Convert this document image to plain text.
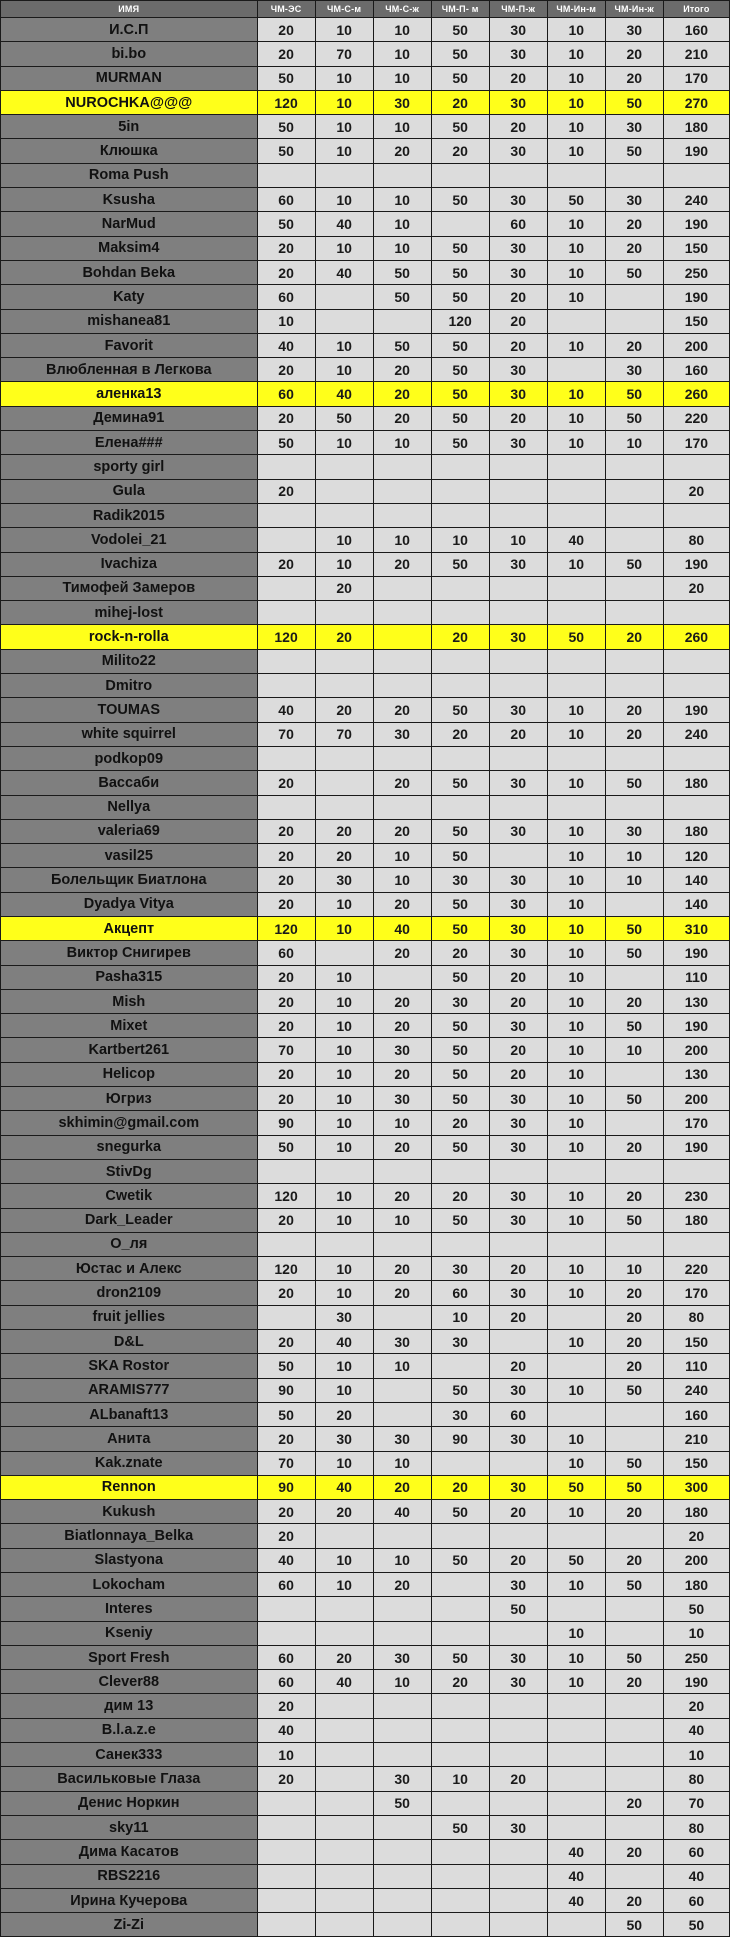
ИМЯ	ЧМ-ЭС	ЧМ-С-м	ЧМ-С-ж	ЧМ-П- м	ЧМ-П-ж	ЧМ-Ин-м	ЧМ-Ин-ж	Итого
И.С.П	20	10	10	50	30	10	30	160
bi.bo	20	70	10	50	30	10	20	210
MURMAN	50	10	10	50	20	10	20	170
NUROCHKA@@@	120	10	30	20	30	10	50	270
5in	50	10	10	50	20	10	30	180
Клюшка	50	10	20	20	30	10	50	190
Roma Push								
Ksusha	60	10	10	50	30	50	30	240
NarMud	50	40	10		60	10	20	190
Maksim4	20	10	10	50	30	10	20	150
Bohdan Beka	20	40	50	50	30	10	50	250
Katy	60		50	50	20	10		190
mishanea81	10			120	20			150
Favorit	40	10	50	50	20	10	20	200
Влюбленная в Легкова	20	10	20	50	30		30	160
аленка13	60	40	20	50	30	10	50	260
Демина91	20	50	20	50	20	10	50	220
Елена###	50	10	10	50	30	10	10	170
sporty girl								
Gula	20							20
Radik2015								
Vodolei_21		10	10	10	10	40		80
Ivachiza	20	10	20	50	30	10	50	190
Тимофей Замеров		20						20
mihej-lost								
rock-n-rolla	120	20		20	30	50	20	260
Milito22								
Dmitro								
TOUMAS	40	20	20	50	30	10	20	190
white squirrel	70	70	30	20	20	10	20	240
podkop09								
Вассаби	20		20	50	30	10	50	180
Nellya								
valeria69	20	20	20	50	30	10	30	180
vasil25	20	20	10	50		10	10	120
Болельщик Биатлона	20	30	10	30	30	10	10	140
Dyadya Vitya	20	10	20	50	30	10		140
Акцепт	120	10	40	50	30	10	50	310
Виктор Снигирев	60		20	20	30	10	50	190
Pasha315	20	10		50	20	10		110
Mish	20	10	20	30	20	10	20	130
Mixet	20	10	20	50	30	10	50	190
Kartbert261	70	10	30	50	20	10	10	200
Helicop	20	10	20	50	20	10		130
Югриз	20	10	30	50	30	10	50	200
skhimin@gmail.com	90	10	10	20	30	10		170
snegurka	50	10	20	50	30	10	20	190
StivDg								
Cwetik	120	10	20	20	30	10	20	230
Dark_Leader	20	10	10	50	30	10	50	180
О_ля								
Юстас и Алекс	120	10	20	30	20	10	10	220
dron2109	20	10	20	60	30	10	20	170
fruit jellies		30		10	20		20	80
D&L	20	40	30	30		10	20	150
SKA Rostor	50	10	10		20		20	110
ARAMIS777	90	10		50	30	10	50	240
ALbanaft13	50	20		30	60			160
Анита	20	30	30	90	30	10		210
Kak.znate	70	10	10			10	50	150
Rennon	90	40	20	20	30	50	50	300
Kukush	20	20	40	50	20	10	20	180
Biatlonnaya_Belka	20							20
Slastyona	40	10	10	50	20	50	20	200
Lokocham	60	10	20		30	10	50	180
Interes					50			50
Kseniy						10		10
Sport Fresh	60	20	30	50	30	10	50	250
Clever88	60	40	10	20	30	10	20	190
дим 13	20							20
B.l.a.z.e	40							40
Санек333	10							10
Васильковые Глаза	20		30	10	20			80
Денис Норкин			50				20	70
sky11				50	30			80
Дима Касатов						40	20	60
RBS2216						40		40
Ирина Кучерова						40	20	60
Zi-Zi							50	50
